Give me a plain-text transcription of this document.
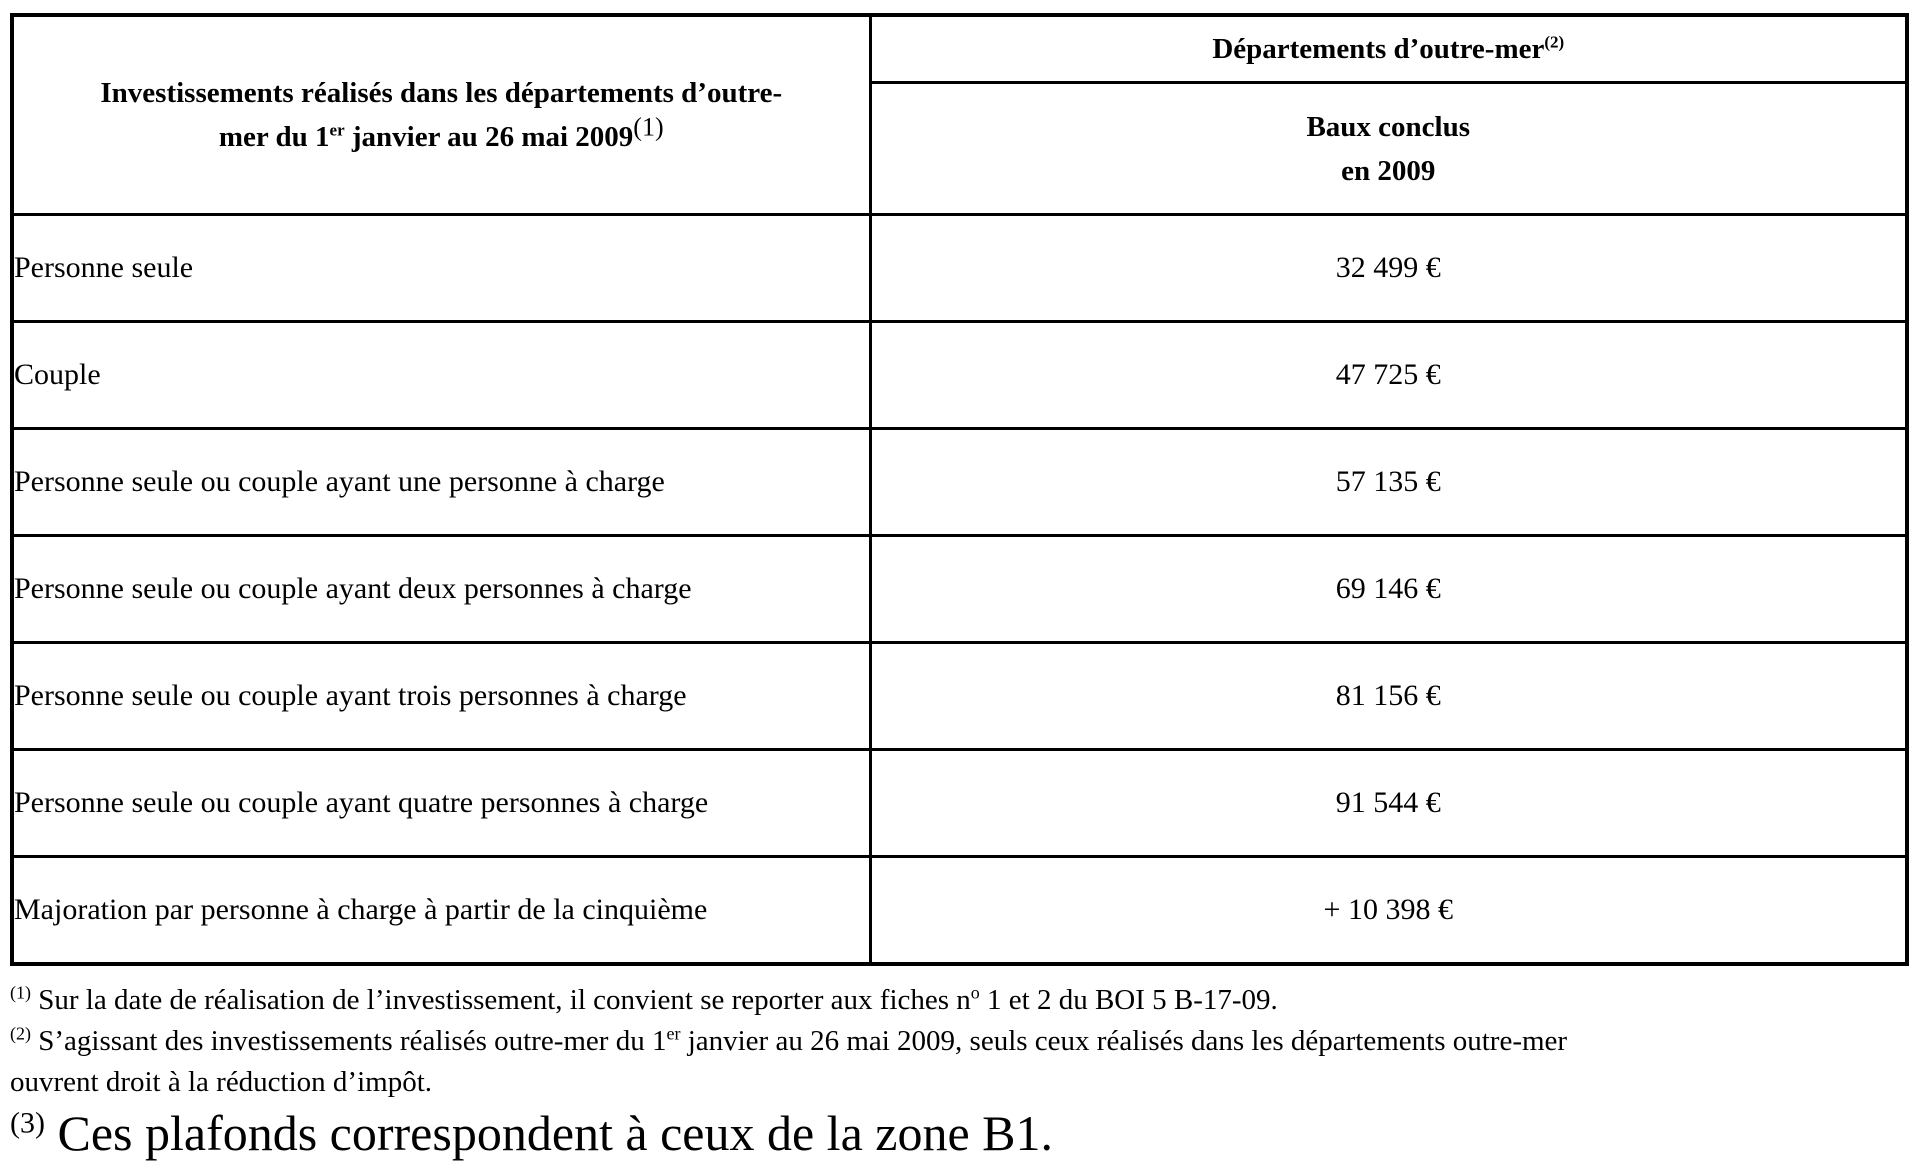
Investissements réalisés dans les départements d’outre-
mer du 1er janvier au 26 mai 2009$^{(1)}$	Départements d’outre-mer$^{(2)}$
	Baux conclus
en 2009
Personne seule	32 499 €
Couple	47 725 €
Personne seule ou couple ayant une personne à charge	57 135 €
Personne seule ou couple ayant deux personnes à charge	69 146 €
Personne seule ou couple ayant trois personnes à charge	81 156 €
Personne seule ou couple ayant quatre personnes à charge	91 544 €
Majoration par personne à charge à partir de la cinquième	+ 10 398 €

$^{(1)}$ Sur la date de réalisation de l’investissement, il convient se reporter aux fiches $n^o$ 1 et 2 du BOI 5 B-17-09.

$^{(2)}$ S’agissant des investissements réalisés outre-mer du 1er janvier au 26 mai 2009, seuls ceux réalisés dans les départements outre-mer
ouvrent droit à la réduction d’impôt.

$^{(3)}$ Ces plafonds correspondent à ceux de la zone B1.
